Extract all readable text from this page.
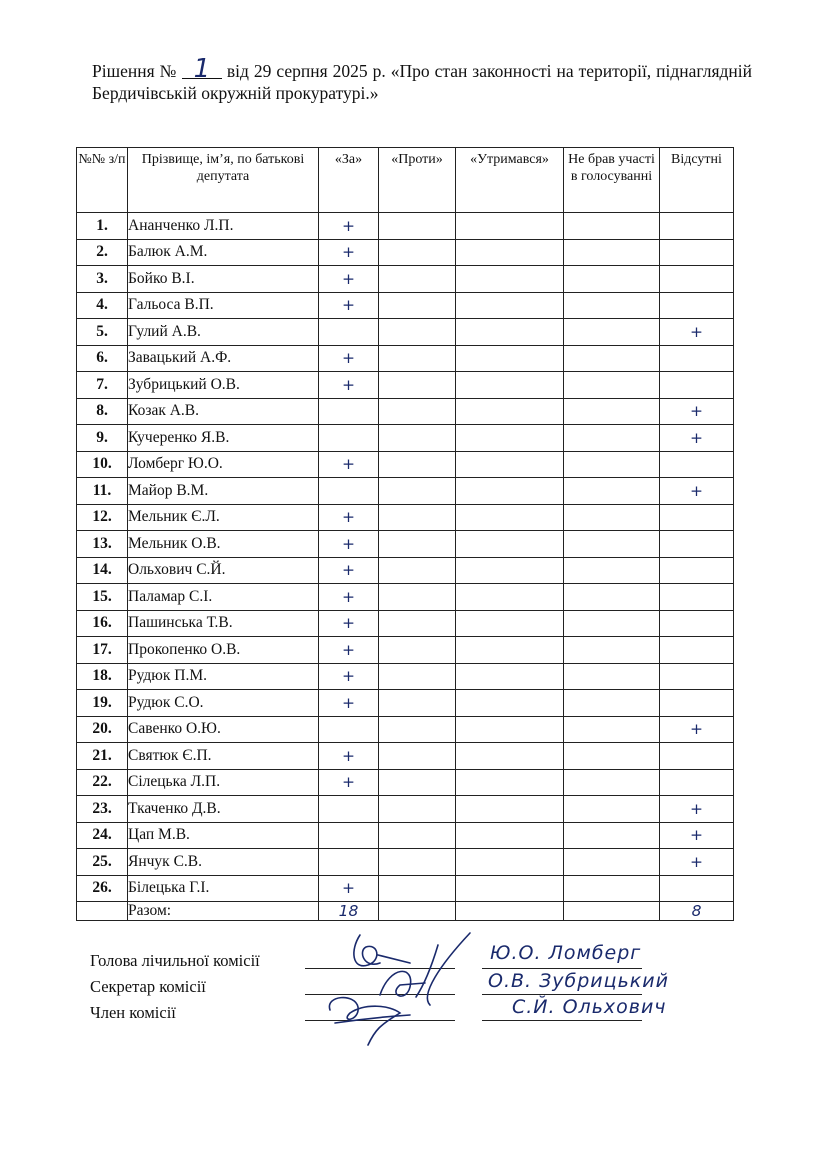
Рішення № 1 від 29 серпня 2025 р. «Про стан законності на території, піднаглядній Бердичівській окружній прокуратурі.»
№№ з/п	Прізвище, ім’я, по батькові депутата	«За»	«Проти»	«Утримався»	Не брав участі в голосуванні	Відсутні
1.	Ананченко Л.П.	+				
2.	Балюк А.М.	+				
3.	Бойко В.І.	+				
4.	Гальоса В.П.	+				
5.	Гулий А.В.					+
6.	Завацький А.Ф.	+				
7.	Зубрицький О.В.	+				
8.	Козак А.В.					+
9.	Кучеренко Я.В.					+
10.	Ломберг Ю.О.	+				
11.	Майор В.М.					+
12.	Мельник Є.Л.	+				
13.	Мельник О.В.	+				
14.	Ольхович С.Й.	+				
15.	Паламар С.І.	+				
16.	Пашинська Т.В.	+				
17.	Прокопенко О.В.	+				
18.	Рудюк П.М.	+				
19.	Рудюк С.О.	+				
20.	Савенко О.Ю.					+
21.	Святюк Є.П.	+				
22.	Сілецька Л.П.	+				
23.	Ткаченко Д.В.					+
24.	Цап М.В.					+
25.	Янчук С.В.					+
26.	Білецька Г.І.	+				
	Разом:	18				8
Голова лічильної комісії
Секретар комісії
Член комісії
Ю.О. Ломберг
О.В. Зубрицький
С.Й. Ольхович
